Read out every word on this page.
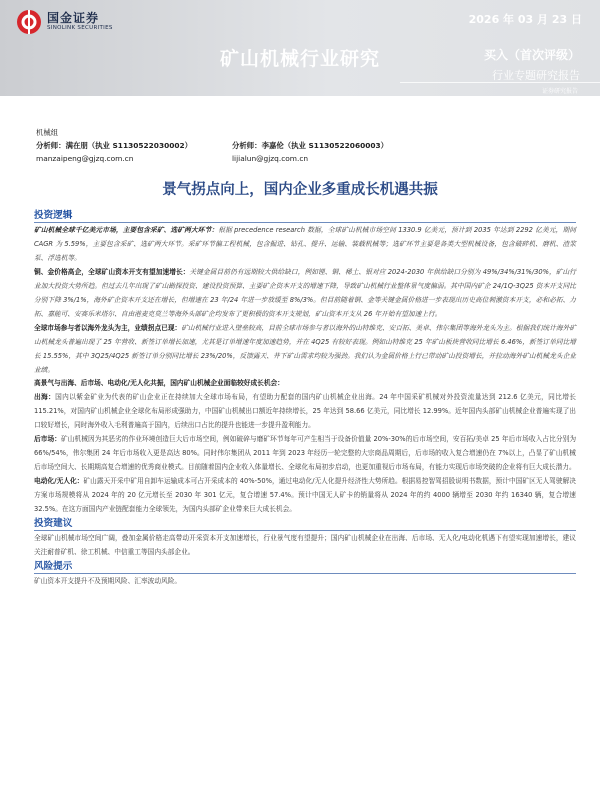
国金证券
SINOLINK SECURITIES
2026 年 03 月 23 日
矿山机械行业研究	买入（首次评级）
行业专题研究报告
证券研究报告
机械组
分析师：满在朋（执业 S1130522030002）	分析师：李嘉伦（执业 S1130522060003）
manzaipeng@gjzq.com.cn	lijialun@gjzq.com.cn
景气拐点向上，国内企业多重成长机遇共振
投资逻辑

矿山机械全球千亿美元市场，主要包含采矿、选矿两大环节：根据 precedence research 数据，全球矿山机械市场空间 1330.9 亿美元，预计到 2035 年达到 2292 亿美元，期间 CAGR 为 5.59%，主要包含采矿、选矿两大环节。采矿环节偏工程机械，包含掘进、钻孔、提升、运输、装载机械等；选矿环节主要是各类大型机械设备，包含破碎机、磨机、渣浆泵、浮选机等。

铜、金价格高企，全球矿山资本开支有望加速增长：关键金属目前仍有远期较大供给缺口，例如锂、铜、稀土、银对应 2024-2030 年供给缺口分别为 49%/34%/31%/30%，矿山行业加大投资大势所趋。但过去几年出现了矿山勘探投资、建设投资预算、主要矿企资本开支的增速下降，导致矿山机械行业整体景气度偏弱。其中国内矿企 24/1Q-3Q25 资本开支同比分别下降 3%/1%，海外矿企资本开支还在增长，但增速在 23 年/24 年进一步放缓至 8%/3%。但目前随着铜、金等关键金属价格进一步表现出历史高位刺激资本开支，必和必拓、力拓、嘉能可、安赛乐米塔尔、自由港麦克莫兰等海外头部矿企均发布了更积极的资本开支规划，矿山资本开支从 26 年开始有望加速上行。

全球市场参与者以海外龙头为主，业绩拐点已现：矿山机械行业进入壁垒较高，目前全球市场参与者以海外的山特维克、安百拓、美卓、伟尔集团等海外龙头为主。根据我们统计海外矿山机械龙头普遍出现了 25 年营收、新签订单增长加速，尤其是订单增速年度加速趋势，并在 4Q25 有较好表现。例如山特维克 25 年矿山板块营收同比增长 6.46%，新签订单同比增长 15.55%，其中 3Q25/4Q25 新签订单分别同比增长 23%/20%，反馈露天、井下矿山需求均较为强劲。我们认为金属价格上行已带动矿山投资增长，并拉动海外矿山机械龙头企业业绩。

高景气与出海、后市场、电动化/无人化共振，国内矿山机械企业面临较好成长机会：

出海：国内以紫金矿业为代表的矿山企业正在持续加大全球市场布局，有望助力配套的国内矿山机械企业出海。24 年中国采矿机械对外投资流量达到 212.6 亿美元，同比增长 115.21%，对国内矿山机械企业全球化布局形成强助力，中国矿山机械出口额近年持续增长，25 年达到 58.66 亿美元，同比增长 12.99%。近年国内头部矿山机械企业普遍实现了出口较好增长，同时海外收入毛利普遍高于国内，后续出口占比的提升也能进一步提升盈利能力。

后市场：矿山机械因为其恶劣的作业环境创造巨大后市场空间，例如破碎与磨矿环节每年可产生相当于设备价值量 20%-30%的后市场空间，安百拓/美卓 25 年后市场收入占比分别为 66%/54%，伟尔集团 24 年后市场收入更是高达 80%。同时伟尔集团从 2011 年到 2023 年经历一轮完整的大宗商品周期后，后市场的收入复合增速仍在 7%以上，凸显了矿山机械后市场空间大、长期期高复合增速的优秀商业模式。目前随着国内企业收入体量增长、全球化布局初步启动，也更加重视后市场布局，有能力实现后市场突破的企业将有巨大成长潜力。

电动化/无人化：矿山露天开采中矿用自卸车运输成本可占开采成本的 40%-50%，通过电动化/无人化提升经济性大势所趋。根据易控智驾招股说明书数据，预计中国矿区无人驾驶解决方案市场规模将从 2024 年的 20 亿元增长至 2030 年 301 亿元，复合增速 57.4%。预计中国无人矿卡的销量将从 2024 年的约 4000 辆增至 2030 年约 16340 辆，复合增速 32.5%。在这方面国内产业链配套能力全球领先，为国内头部矿企业带来巨大成长机会。

投资建议

全球矿山机械市场空间广阔，叠加金属价格走高带动开采资本开支加速增长，行业景气度有望提升；国内矿山机械企业在出海、后市场、无人化/电动化机遇下有望实现加速增长，建议关注耐普矿机、徐工机械、中信重工等国内头部企业。

风险提示

矿山资本开支提升不及预期风险、汇率波动风险。
